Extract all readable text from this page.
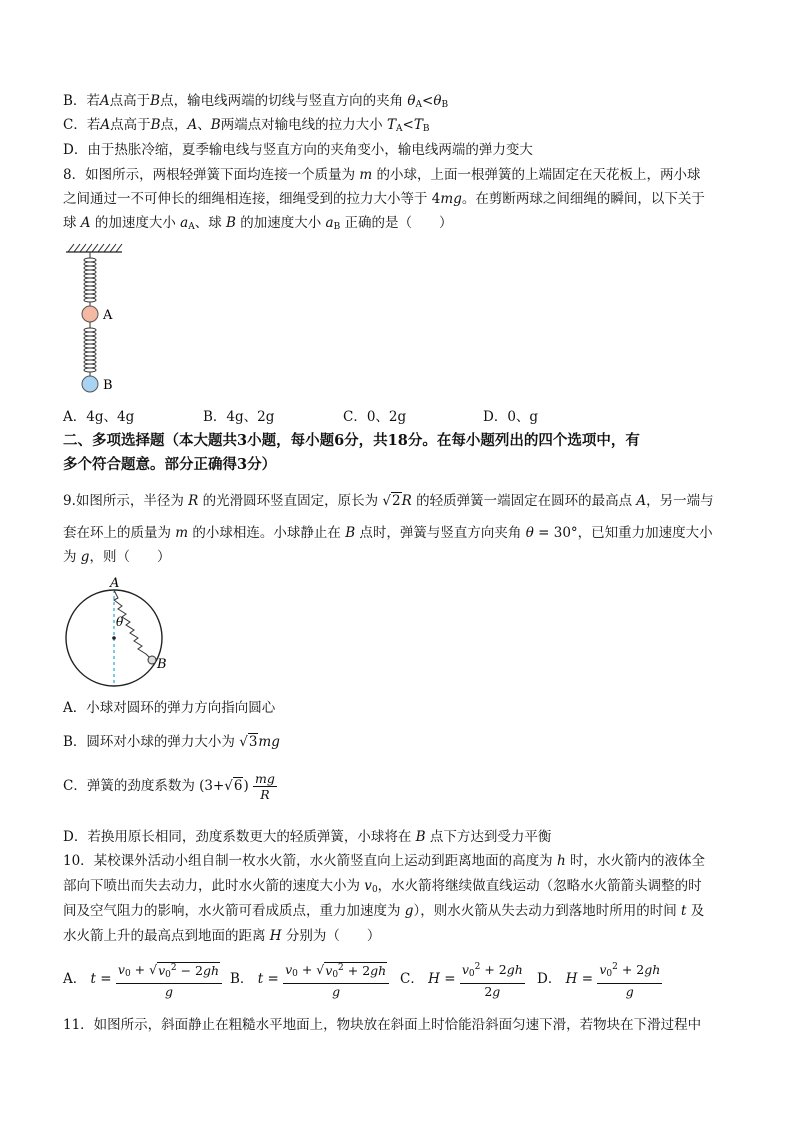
B．若A点高于B点，输电线两端的切线与竖直方向的夹角 $\theta_A<\theta_B$
C．若A点高于B点，A、B两端点对输电线的拉力大小 $T_A<T_B$
D．由于热胀冷缩，夏季输电线与竖直方向的夹角变小，输电线两端的弹力变大
8．如图所示，两根轻弹簧下面均连接一个质量为 m 的小球，上面一根弹簧的上端固定在天花板上，两小球
之间通过一不可伸长的细绳相连接，细绳受到的拉力大小等于 4mg。在剪断两球之间细绳的瞬间，以下关于
球 A 的加速度大小 $a_A$、球 B 的加速度大小 $a_B$ 正确的是（　　）
A
B
A．4g、4g	B．4g、2g	C．0、2g	D．0、g
二、多项选择题（本大题共3小题，每小题6分，共18分。在每小题列出的四个选项中，有
多个符合题意。部分正确得3分）
9.如图所示，半径为 R 的光滑圆环竖直固定，原长为 √2R 的轻质弹簧一端固定在圆环的最高点 A，另一端与
套在环上的质量为 m 的小球相连。小球静止在 B 点时，弹簧与竖直方向夹角 θ = 30°，已知重力加速度大小
为 g，则（　　）
A
B
θ
A．小球对圆环的弹力方向指向圆心
B．圆环对小球的弹力大小为 √3mg
C．弹簧的劲度系数为 $(3+√6) \frac{mg}{R}$
D．若换用原长相同，劲度系数更大的轻质弹簧，小球将在 B 点下方达到受力平衡
10．某校课外活动小组自制一枚水火箭，水火箭竖直向上运动到距离地面的高度为 h 时，水火箭内的液体全
部向下喷出而失去动力，此时水火箭的速度大小为 $v_0$，水火箭将继续做直线运动（忽略水火箭箭头调整的时
间及空气阻力的影响，水火箭可看成质点，重力加速度为 g），则水火箭从失去动力到落地时所用的时间 t 及
水火箭上升的最高点到地面的距离 H 分别为（　　）
A． $t = \frac{v_0 + √v_0^2 - 2gh}{g}$ B． $t = \frac{v_0 + √v_0^2 + 2gh}{g}$ C． $H = \frac{v_0^2 + 2gh}{2g}$ D． $H = \frac{v_0^2 + 2gh}{g}$
11．如图所示，斜面静止在粗糙水平地面上，物块放在斜面上时恰能沿斜面匀速下滑，若物块在下滑过程中
